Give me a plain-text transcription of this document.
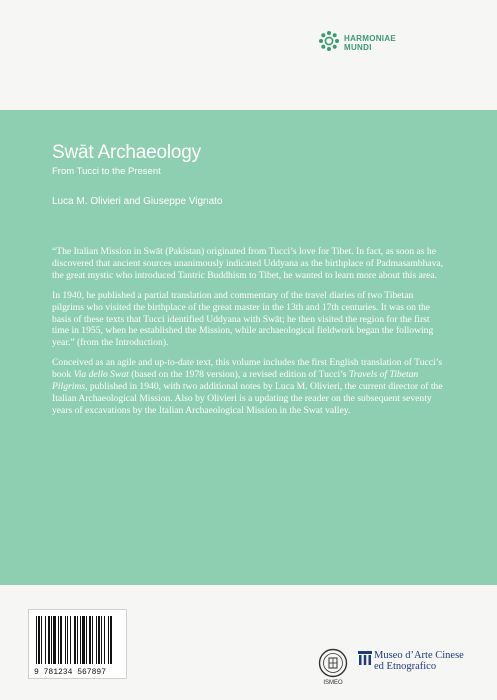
HARMONIAE
MUNDI
Swāt Archaeology
From Tucci to the Present
Luca M. Olivieri and Giuseppe Vignato

“The Italian Mission in Swāt (Pakistan) originated from Tucci’s love for Tibet. In fact, as soon as he discovered that ancient sources unanimously indicated Uddyana as the birthplace of Padmasambhava, the great mystic who introduced Tantric Buddhism to Tibet, he wanted to learn more about this area.

In 1940, he published a partial translation and commentary of the travel diaries of two Tibetan pilgrims who visited the birthplace of the great master in the 13th and 17th centuries. It was on the basis of these texts that Tucci identified Uddyana with Swāt; he then visited the region for the first time in 1955, when he established the Mission, while archaeological fieldwork began the following year.” (from the Introduction).

Conceived as an agile and up-to-date text, this volume includes the first English translation of Tucci’s book Via dello Swat (based on the 1978 version), a revised edition of Tucci’s Travels of Tibetan Pilgrims, published in 1940, with two additional notes by Luca M. Olivieri, the current director of the Italian Archaeological Mission. Also by Olivieri is a updating the reader on the subsequent seventy years of excavations by the Italian Archaeological Mission in the Swat valley.

9 781234 567897
ISMEO
Museo d’Arte Cinese
ed Etnografico
